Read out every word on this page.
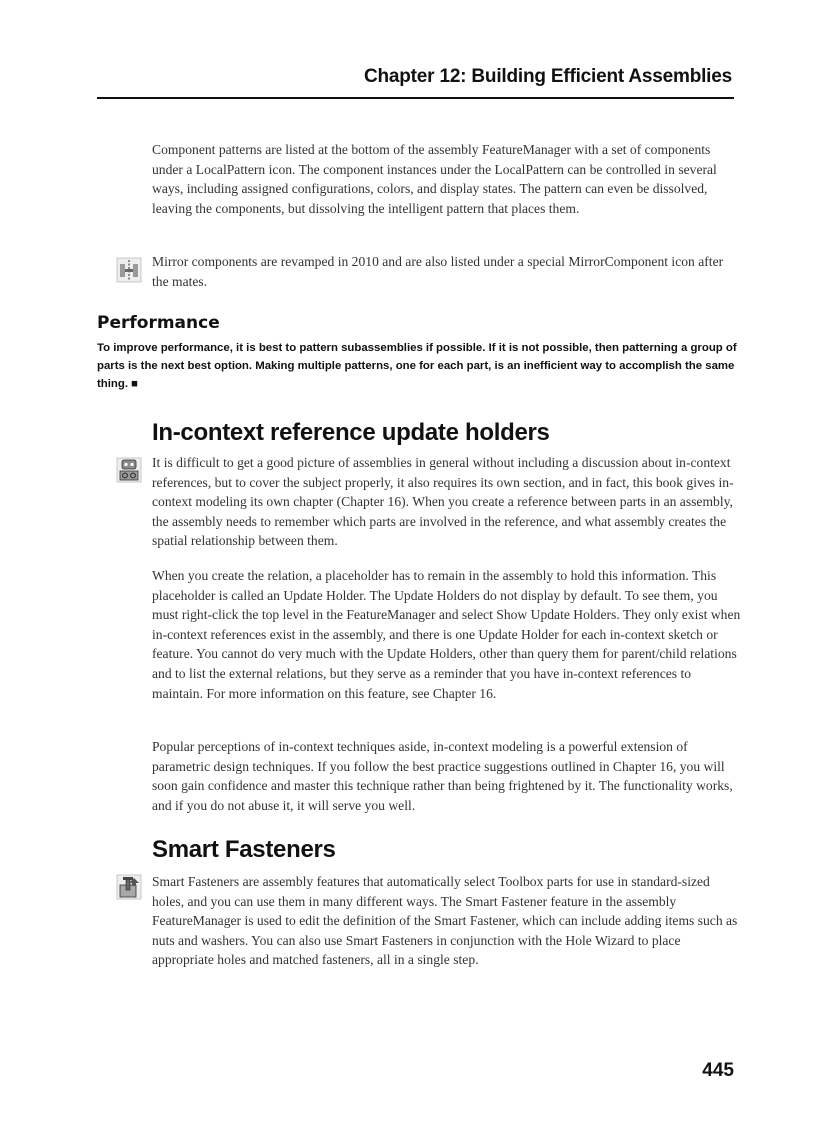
Chapter 12: Building Efficient Assemblies

Component patterns are listed at the bottom of the assembly FeatureManager with a set of components under a LocalPattern icon. The component instances under the LocalPattern can be controlled in several ways, including assigned configurations, colors, and display states. The pattern can even be dissolved, leaving the components, but dissolving the intelligent pattern that places them.

Mirror components are revamped in 2010 and are also listed under a special MirrorComponent icon after the mates.

Performance

To improve performance, it is best to pattern subassemblies if possible. If it is not possible, then patterning a group of parts is the next best option. Making multiple patterns, one for each part, is an inefficient way to accomplish the same thing. ■

In-context reference update holders

It is difficult to get a good picture of assemblies in general without including a discussion about in-context references, but to cover the subject properly, it also requires its own section, and in fact, this book gives in-context modeling its own chapter (Chapter 16). When you create a reference between parts in an assembly, the assembly needs to remember which parts are involved in the reference, and what assembly creates the spatial relationship between them.

When you create the relation, a placeholder has to remain in the assembly to hold this information. This placeholder is called an Update Holder. The Update Holders do not display by default. To see them, you must right-click the top level in the FeatureManager and select Show Update Holders. They only exist when in-context references exist in the assembly, and there is one Update Holder for each in-context sketch or feature. You cannot do very much with the Update Holders, other than query them for parent/child relations and to list the external relations, but they serve as a reminder that you have in-context references to maintain. For more information on this feature, see Chapter 16.

Popular perceptions of in-context techniques aside, in-context modeling is a powerful extension of parametric design techniques. If you follow the best practice suggestions outlined in Chapter 16, you will soon gain confidence and master this technique rather than being frightened by it. The functionality works, and if you do not abuse it, it will serve you well.

Smart Fasteners

Smart Fasteners are assembly features that automatically select Toolbox parts for use in standard-sized holes, and you can use them in many different ways. The Smart Fastener feature in the assembly FeatureManager is used to edit the definition of the Smart Fastener, which can include adding items such as nuts and washers. You can also use Smart Fasteners in conjunction with the Hole Wizard to place appropriate holes and matched fasteners, all in a single step.

445
